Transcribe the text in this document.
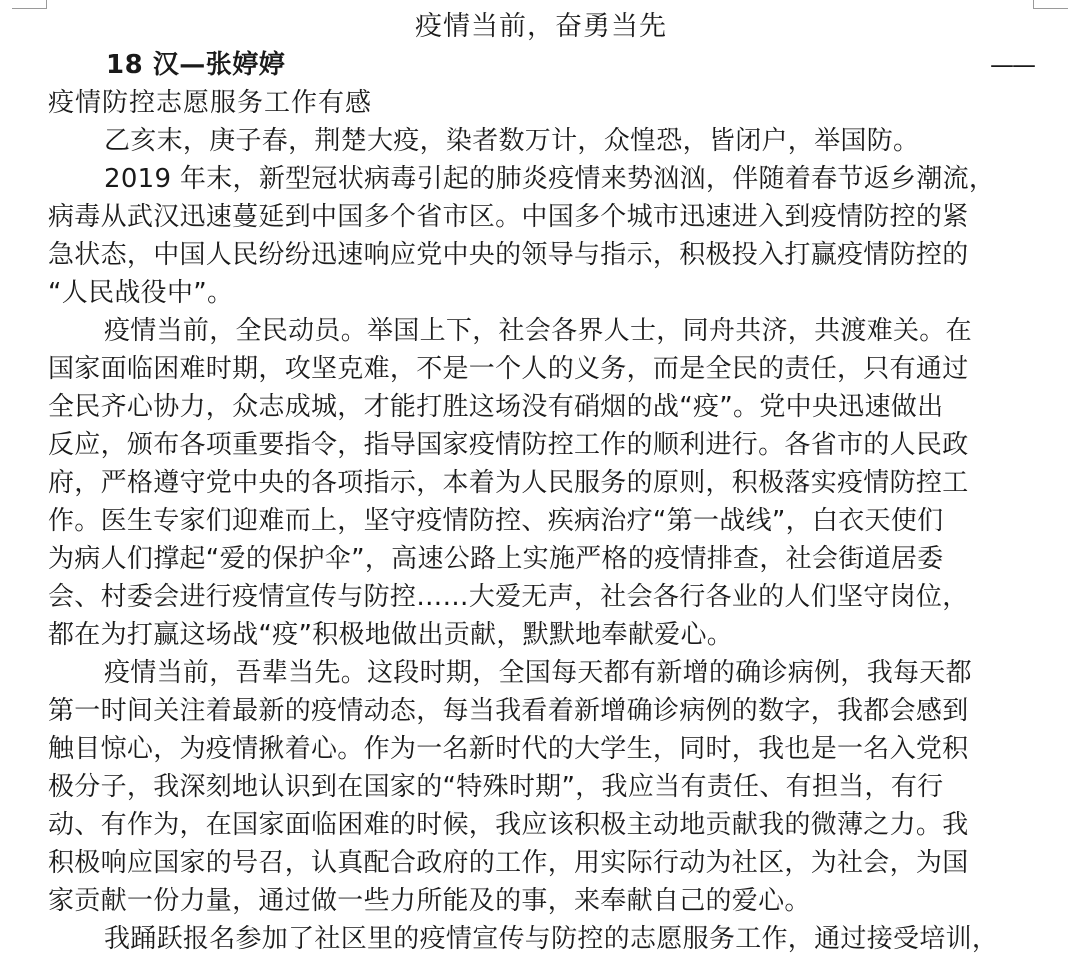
疫情当前，奋勇当先
18 汉—张婷婷	——
疫情防控志愿服务工作有感
乙亥末，庚子春，荆楚大疫，染者数万计，众惶恐，皆闭户，举国防。
2019 年末，新型冠状病毒引起的肺炎疫情来势汹汹，伴随着春节返乡潮流，
病毒从武汉迅速蔓延到中国多个省市区。中国多个城市迅速进入到疫情防控的紧
急状态，中国人民纷纷迅速响应党中央的领导与指示，积极投入打赢疫情防控的
“人民战役中”。
疫情当前，全民动员。举国上下，社会各界人士，同舟共济，共渡难关。在
国家面临困难时期，攻坚克难，不是一个人的义务，而是全民的责任，只有通过
全民齐心协力，众志成城，才能打胜这场没有硝烟的战“疫”。党中央迅速做出
反应，颁布各项重要指令，指导国家疫情防控工作的顺利进行。各省市的人民政
府，严格遵守党中央的各项指示，本着为人民服务的原则，积极落实疫情防控工
作。医生专家们迎难而上，坚守疫情防控、疾病治疗“第一战线”，白衣天使们
为病人们撑起“爱的保护伞”，高速公路上实施严格的疫情排查，社会街道居委
会、村委会进行疫情宣传与防控……大爱无声，社会各行各业的人们坚守岗位，
都在为打赢这场战“疫”积极地做出贡献，默默地奉献爱心。
疫情当前，吾辈当先。这段时期，全国每天都有新增的确诊病例，我每天都
第一时间关注着最新的疫情动态，每当我看着新增确诊病例的数字，我都会感到
触目惊心，为疫情揪着心。作为一名新时代的大学生，同时，我也是一名入党积
极分子，我深刻地认识到在国家的“特殊时期”，我应当有责任、有担当，有行
动、有作为，在国家面临困难的时候，我应该积极主动地贡献我的微薄之力。我
积极响应国家的号召，认真配合政府的工作，用实际行动为社区，为社会，为国
家贡献一份力量，通过做一些力所能及的事，来奉献自己的爱心。
我踊跃报名参加了社区里的疫情宣传与防控的志愿服务工作，通过接受培训，
